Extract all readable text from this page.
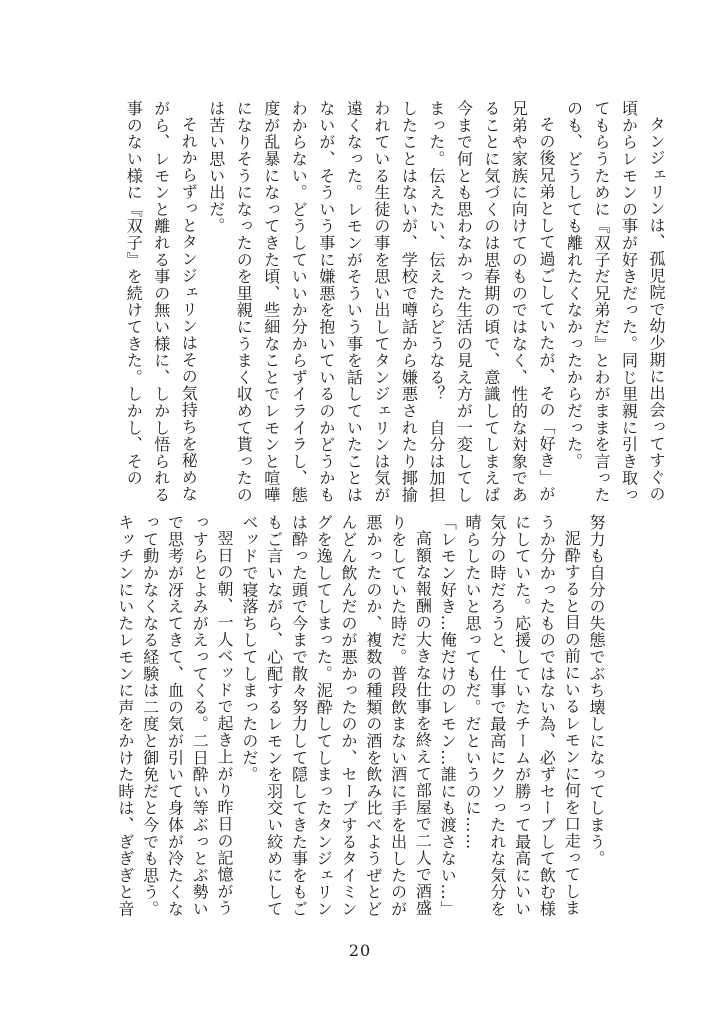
タンジェリンは、孤児院で幼少期に出会ってすぐの頃からレモンの事が好きだった。同じ里親に引き取ってもらうために『双子だ兄弟だ』とわがままを言ったのも、どうしても離れたくなかったからだった。

その後兄弟として過ごしていたが、その「好き」が兄弟や家族に向けてのものではなく、性的な対象であることに気づくのは思春期の頃で、意識してしまえば今まで何とも思わなかった生活の見え方が一変してしまった。伝えたい、伝えたらどうなる？　自分は加担したことはないが、学校で噂話から嫌悪されたり揶揄われている生徒の事を思い出してタンジェリンは気が遠くなった。レモンがそういう事を話していたことはないが、そういう事に嫌悪を抱いているのかどうかもわからない。どうしていいか分からずイライラし、態度が乱暴になってきた頃、些細なことでレモンと喧嘩になりそうになったのを里親にうまく収めて貰ったのは苦い思い出だ。

それからずっとタンジェリンはその気持ちを秘めながら、レモンと離れる事の無い様に、しかし悟られる事のない様に『双子』を続けてきた。しかし、その

努力も自分の失態でぶち壊しになってしまう。

泥酔すると目の前にいるレモンに何を口走ってしまうか分かったものではない為、必ずセーブして飲む様にしていた。応援していたチームが勝って最高にいい気分の時だろうと、仕事で最高にクソったれな気分を晴らしたいと思ってもだ。だというのに……

「レモン好き…俺だけのレモン…誰にも渡さない…」

高額な報酬の大きな仕事を終えて部屋で二人で酒盛りをしていた時だ。普段飲まない酒に手を出したのが悪かったのか、複数の種類の酒を飲み比べようぜとどんどん飲んだのが悪かったのか、セーブするタイミングを逸してしまった。泥酔してしまったタンジェリンは酔った頭で今まで散々努力して隠してきた事をもごもご言いながら、心配するレモンを羽交い絞めにしてベッドで寝落ちしてしまったのだ。

翌日の朝、一人ベッドで起き上がり昨日の記憶がうっすらとよみがえってくる。二日酔い等ぶっとぶ勢いで思考が冴えてきて、血の気が引いて身体が冷たくなって動かなくなる経験は二度と御免だと今でも思う。キッチンにいたレモンに声をかけた時は、ぎぎぎと音

20
